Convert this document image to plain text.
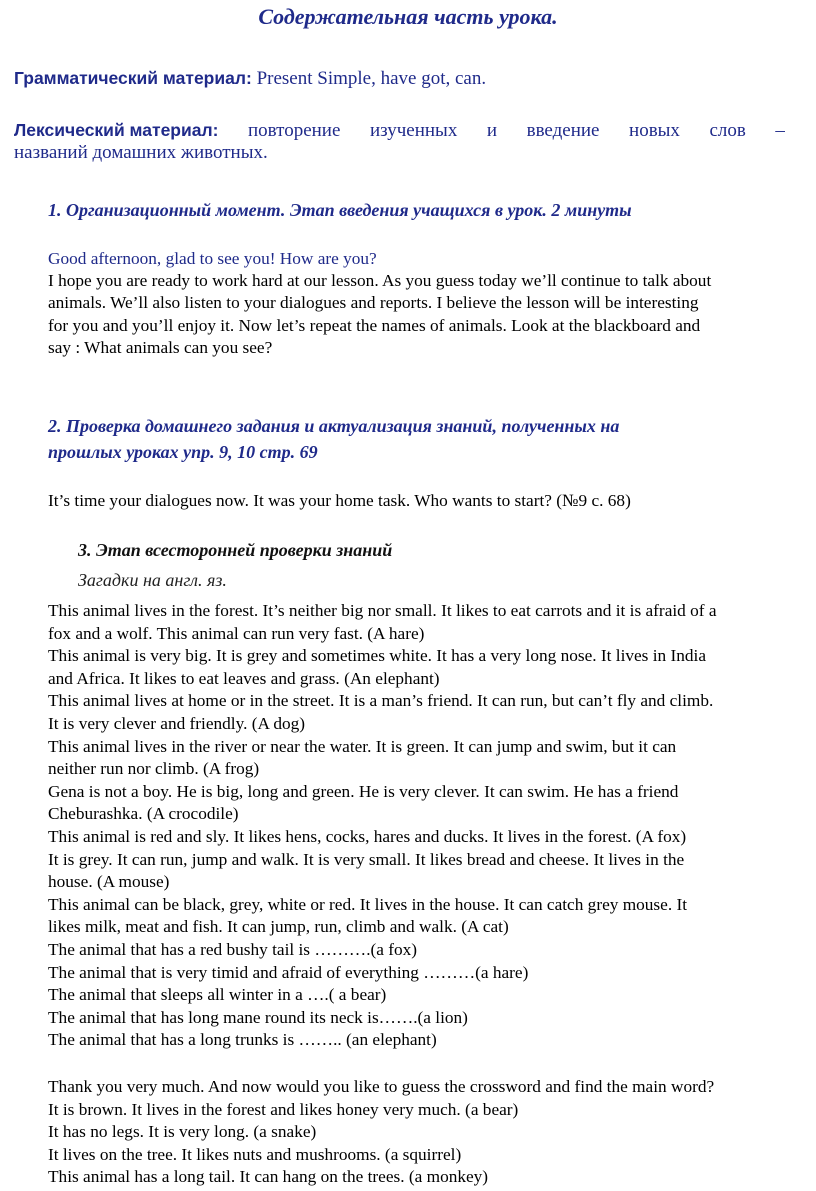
Содержательная часть урока.
Грамматический материал: Present Simple, have got, can.
Лексический материал: повторение изученных и введение новых слов –
названий домашних животных.
1. Организационный момент. Этап введения учащихся в урок. 2 минуты
Good afternoon, glad to see you! How are you?
I hope you are ready to work hard at our lesson. As you guess today we’ll continue to talk about
animals. We’ll also listen to your dialogues and reports. I believe the lesson will be interesting
for you and you’ll enjoy it. Now let’s repeat the names of animals. Look at the blackboard and
say : What animals can you see?
2. Проверка домашнего задания и актуализация знаний, полученных на
прошлых уроках упр. 9, 10 стр. 69
It’s time your dialogues now. It was your home task. Who wants to start? (№9 с. 68)
3. Этап всесторонней проверки знаний
Загадки на англ. яз.
This animal lives in the forest. It’s neither big nor small. It likes to eat carrots and it is afraid of a
fox and a wolf. This animal can run very fast. (A hare)
This animal is very big. It is grey and sometimes white. It has a very long nose. It lives in India
and Africa. It likes to eat leaves and grass. (An elephant)
This animal lives at home or in the street. It is a man’s friend. It can run, but can’t fly and climb.
It is very clever and friendly. (A dog)
This animal lives in the river or near the water. It is green. It can jump and swim, but it can
neither run nor climb. (A frog)
Gena is not a boy. He is big, long and green. He is very clever. It can swim. He has a friend
Cheburashka. (A crocodile)
This animal is red and sly. It likes hens, cocks, hares and ducks. It lives in the forest. (A fox)
It is grey. It can run, jump and walk. It is very small. It likes bread and cheese. It lives in the
house. (A mouse)
This animal can be black, grey, white or red. It lives in the house. It can catch grey mouse. It
likes milk, meat and fish. It can jump, run, climb and walk. (A cat)
The animal that has a red bushy tail is ……….(a fox)
The animal that is very timid and afraid of everything ………(a hare)
The animal that sleeps all winter in a ….( a bear)
The animal that has long mane round its neck is…….(a lion)
The animal that has a long trunks is …….. (an elephant)
Thank you very much. And now would you like to guess the crossword and find the main word?
It is brown. It lives in the forest and likes honey very much. (a bear)
It has no legs. It is very long. (a snake)
It lives on the tree. It likes nuts and mushrooms. (a squirrel)
This animal has a long tail. It can hang on the trees. (a monkey)
